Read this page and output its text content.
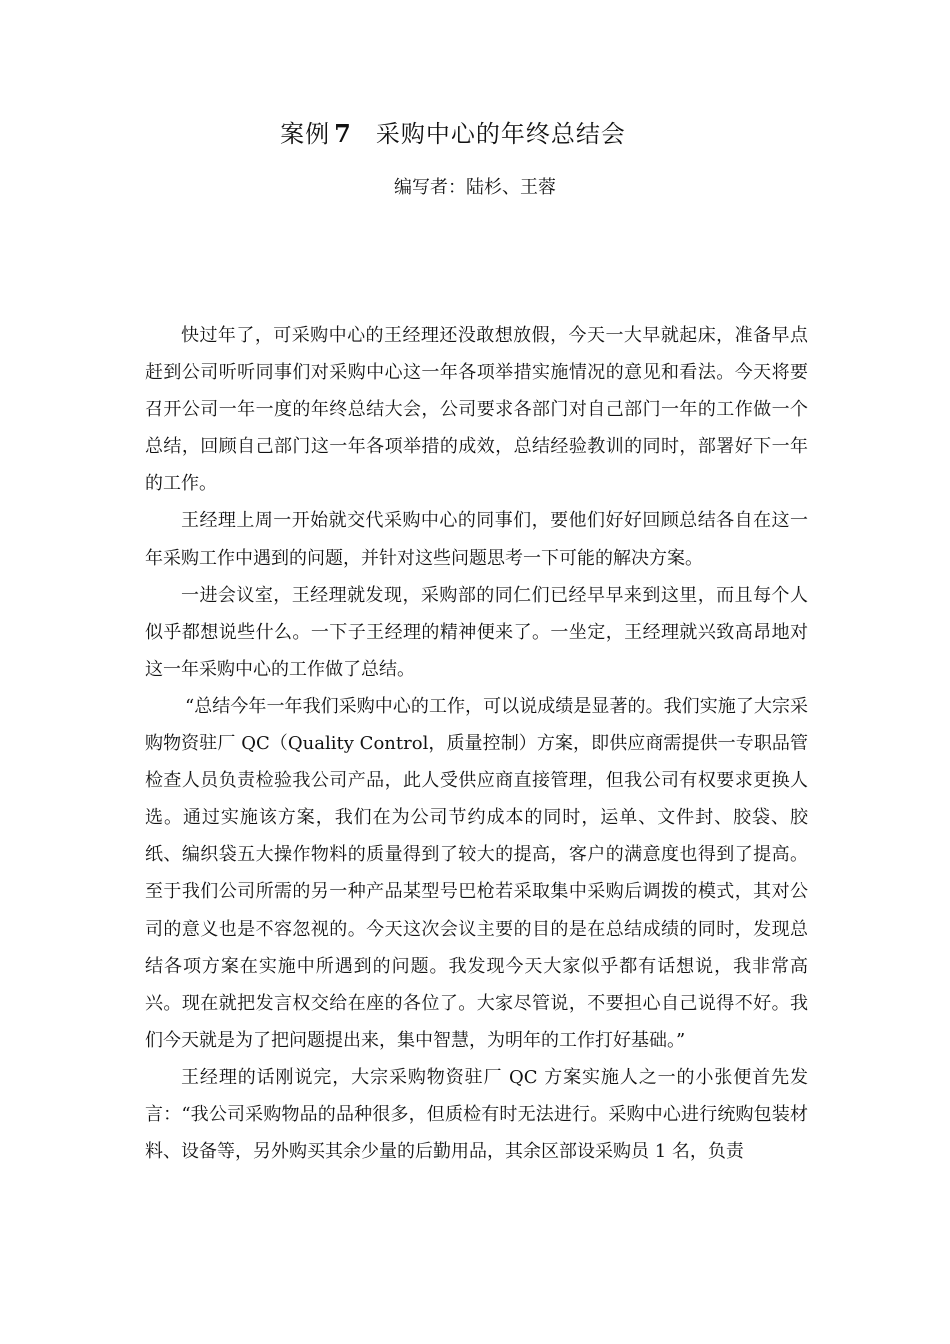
案例 7 采购中心的年终总结会
编写者：陆杉、王蓉

快过年了，可采购中心的王经理还没敢想放假，今天一大早就起床，准备早点赶到公司听听同事们对采购中心这一年各项举措实施情况的意见和看法。今天将要召开公司一年一度的年终总结大会，公司要求各部门对自己部门一年的工作做一个总结，回顾自己部门这一年各项举措的成效，总结经验教训的同时，部署好下一年的工作。

王经理上周一开始就交代采购中心的同事们，要他们好好回顾总结各自在这一年采购工作中遇到的问题，并针对这些问题思考一下可能的解决方案。

一进会议室，王经理就发现，采购部的同仁们已经早早来到这里，而且每个人似乎都想说些什么。一下子王经理的精神便来了。一坐定，王经理就兴致高昂地对这一年采购中心的工作做了总结。

“总结今年一年我们采购中心的工作，可以说成绩是显著的。我们实施了大宗采购物资驻厂 QC（Quality Control，质量控制）方案，即供应商需提供一专职品管检查人员负责检验我公司产品，此人受供应商直接管理，但我公司有权要求更换人选。通过实施该方案，我们在为公司节约成本的同时，运单、文件封、胶袋、胶纸、编织袋五大操作物料的质量得到了较大的提高，客户的满意度也得到了提高。至于我们公司所需的另一种产品某型号巴枪若采取集中采购后调拨的模式，其对公司的意义也是不容忽视的。今天这次会议主要的目的是在总结成绩的同时，发现总结各项方案在实施中所遇到的问题。我发现今天大家似乎都有话想说，我非常高兴。现在就把发言权交给在座的各位了。大家尽管说，不要担心自己说得不好。我们今天就是为了把问题提出来，集中智慧，为明年的工作打好基础。”

王经理的话刚说完，大宗采购物资驻厂 QC 方案实施人之一的小张便首先发言：“我公司采购物品的品种很多，但质检有时无法进行。采购中心进行统购包装材料、设备等，另外购买其余少量的后勤用品，其余区部设采购员 1 名，负责
